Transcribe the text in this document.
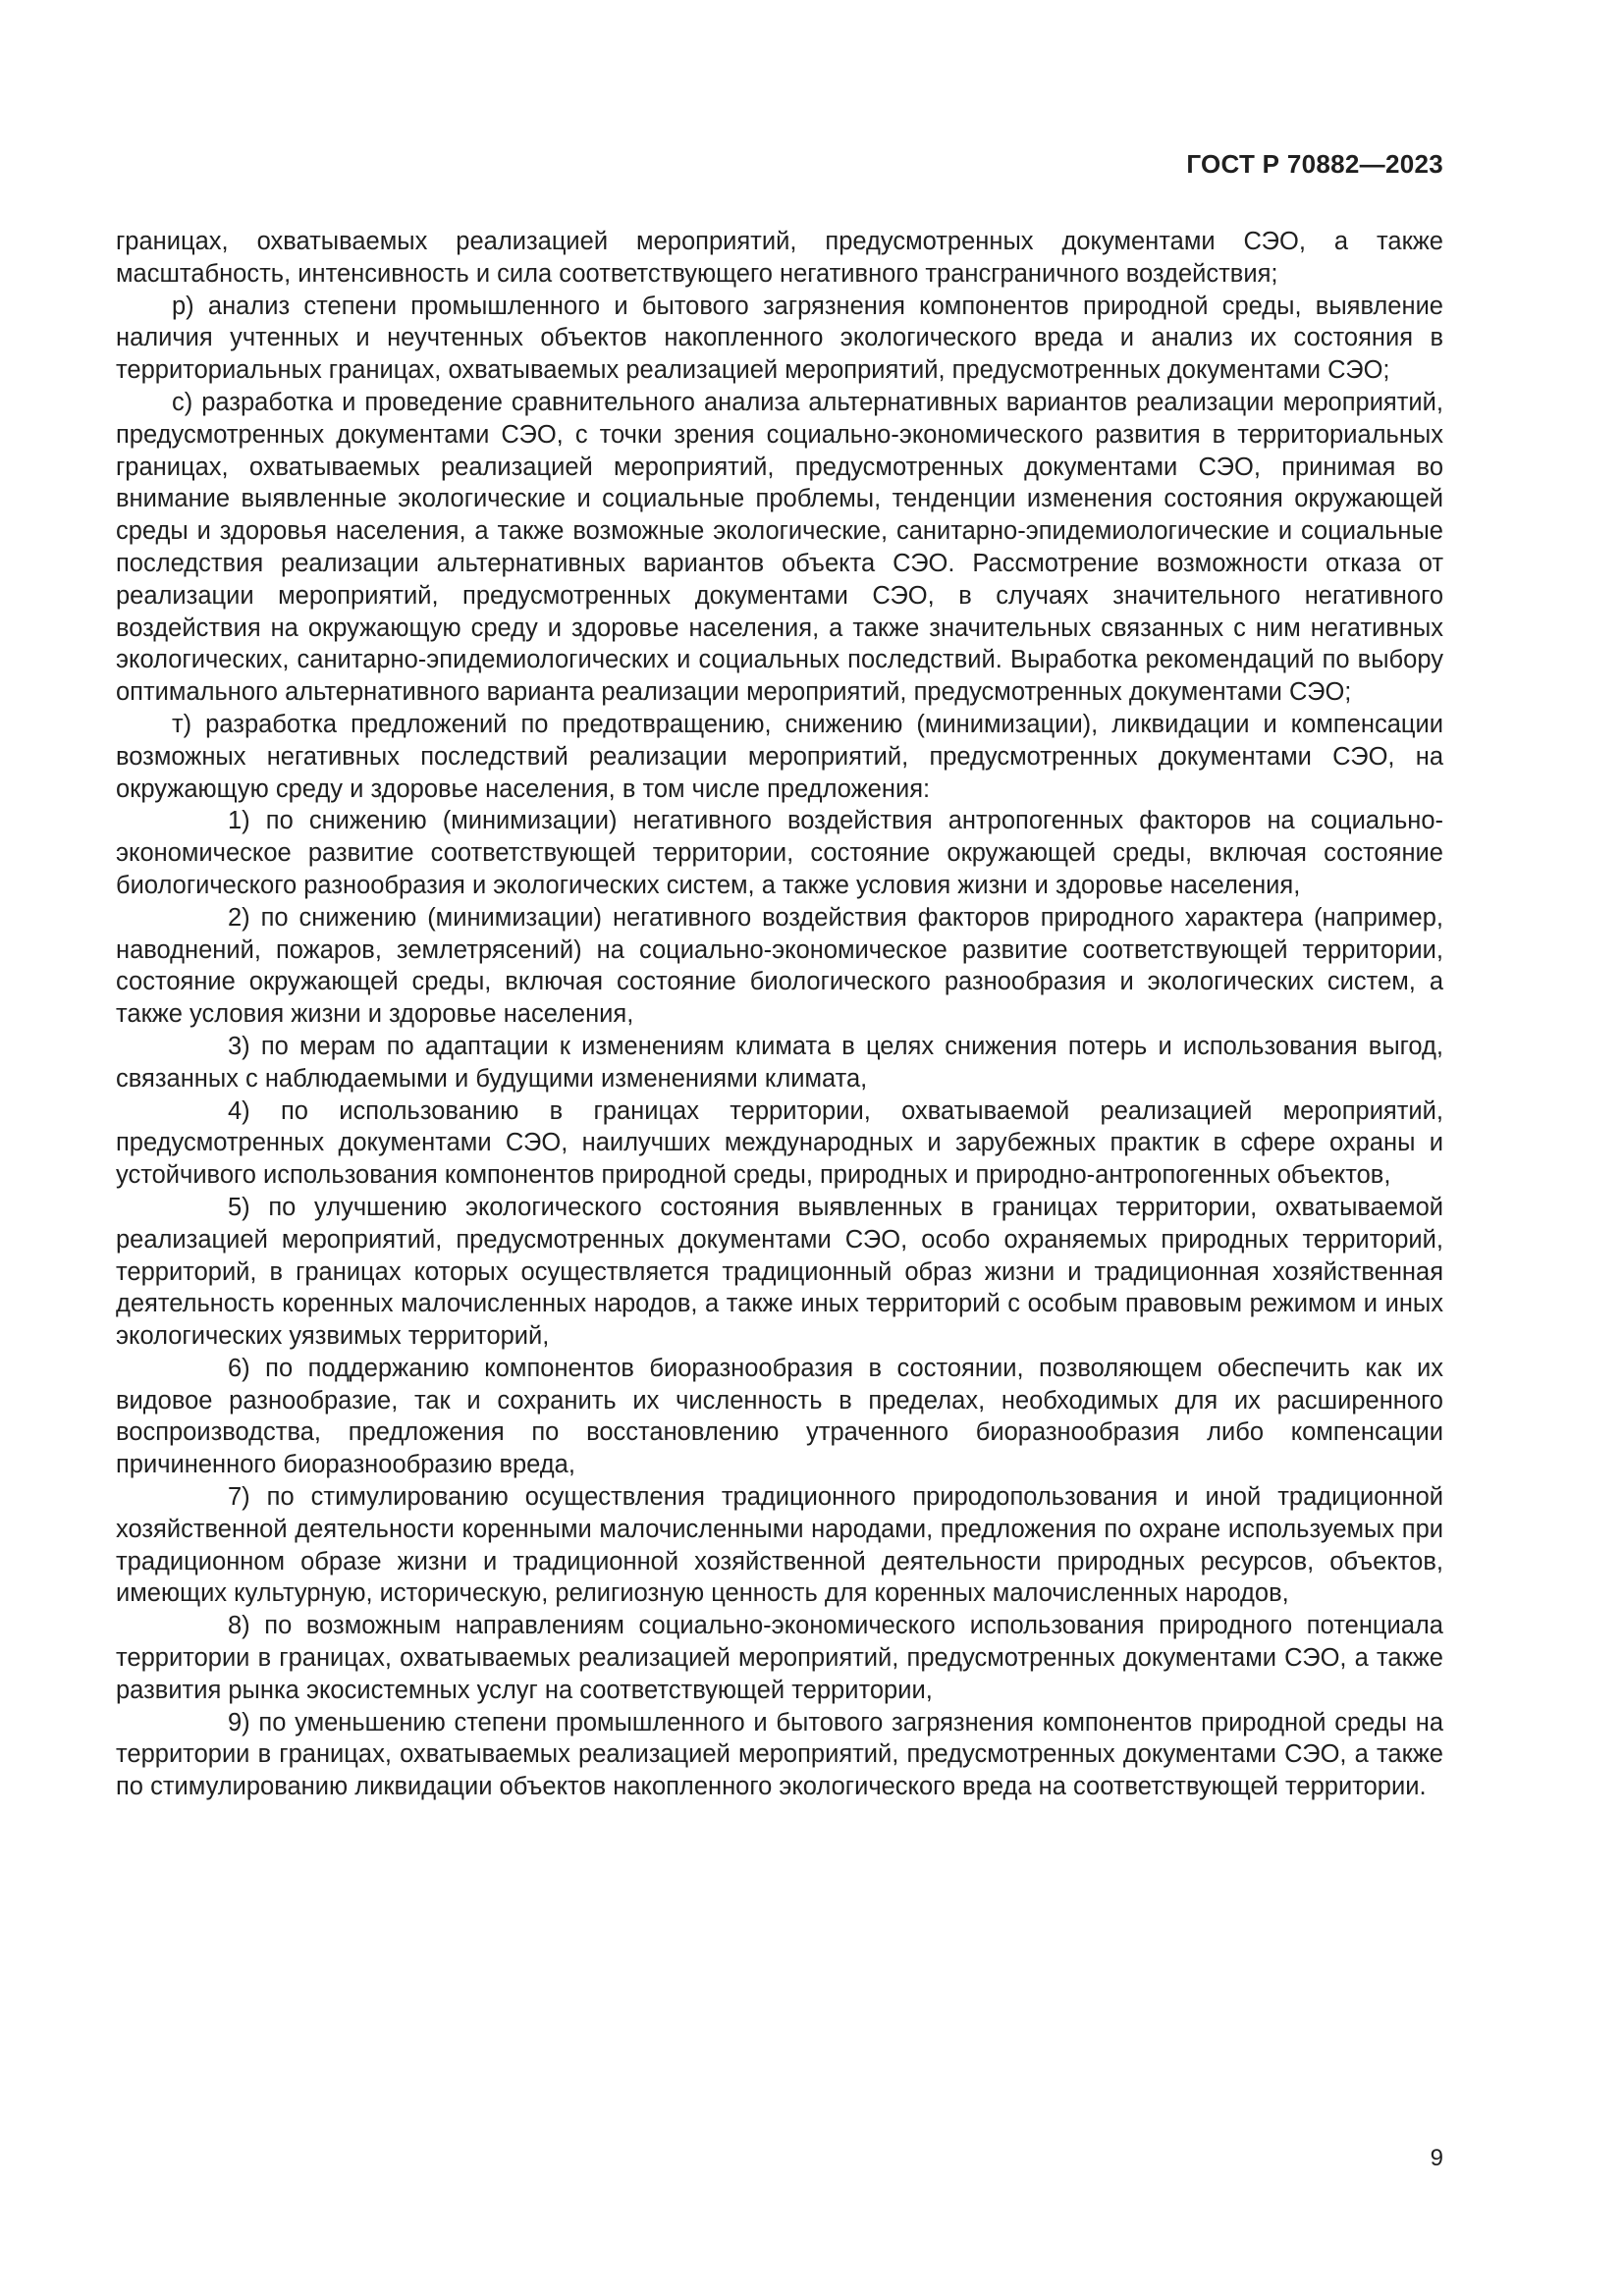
ГОСТ Р 70882—2023

границах, охватываемых реализацией мероприятий, предусмотренных документами СЭО, а также масштабность, интенсивность и сила соответствующего негативного трансграничного воздействия;

р) анализ степени промышленного и бытового загрязнения компонентов природной среды, выявление наличия учтенных и неучтенных объектов накопленного экологического вреда и анализ их состояния в территориальных границах, охватываемых реализацией мероприятий, предусмотренных документами СЭО;

с) разработка и проведение сравнительного анализа альтернативных вариантов реализации мероприятий, предусмотренных документами СЭО, с точки зрения социально-экономического развития в территориальных границах, охватываемых реализацией мероприятий, предусмотренных документами СЭО, принимая во внимание выявленные экологические и социальные проблемы, тенденции изменения состояния окружающей среды и здоровья населения, а также возможные экологические, санитарно-эпидемиологические и социальные последствия реализации альтернативных вариантов объекта СЭО. Рассмотрение возможности отказа от реализации мероприятий, предусмотренных документами СЭО, в случаях значительного негативного воздействия на окружающую среду и здоровье населения, а также значительных связанных с ним негативных экологических, санитарно-эпидемиологических и социальных последствий. Выработка рекомендаций по выбору оптимального альтернативного варианта реализации мероприятий, предусмотренных документами СЭО;

т) разработка предложений по предотвращению, снижению (минимизации), ликвидации и компенсации возможных негативных последствий реализации мероприятий, предусмотренных документами СЭО, на окружающую среду и здоровье населения, в том числе предложения:

1) по снижению (минимизации) негативного воздействия антропогенных факторов на социально-экономическое развитие соответствующей территории, состояние окружающей среды, включая состояние биологического разнообразия и экологических систем, а также условия жизни и здоровье населения,

2) по снижению (минимизации) негативного воздействия факторов природного характера (например, наводнений, пожаров, землетрясений) на социально-экономическое развитие соответствующей территории, состояние окружающей среды, включая состояние биологического разнообразия и экологических систем, а также условия жизни и здоровье населения,

3) по мерам по адаптации к изменениям климата в целях снижения потерь и использования выгод, связанных с наблюдаемыми и будущими изменениями климата,

4) по использованию в границах территории, охватываемой реализацией мероприятий, предусмотренных документами СЭО, наилучших международных и зарубежных практик в сфере охраны и устойчивого использования компонентов природной среды, природных и природно-антропогенных объектов,

5) по улучшению экологического состояния выявленных в границах территории, охватываемой реализацией мероприятий, предусмотренных документами СЭО, особо охраняемых природных территорий, территорий, в границах которых осуществляется традиционный образ жизни и традиционная хозяйственная деятельность коренных малочисленных народов, а также иных территорий с особым правовым режимом и иных экологических уязвимых территорий,

6) по поддержанию компонентов биоразнообразия в состоянии, позволяющем обеспечить как их видовое разнообразие, так и сохранить их численность в пределах, необходимых для их расширенного воспроизводства, предложения по восстановлению утраченного биоразнообразия либо компенсации причиненного биоразнообразию вреда,

7) по стимулированию осуществления традиционного природопользования и иной традиционной хозяйственной деятельности коренными малочисленными народами, предложения по охране используемых при традиционном образе жизни и традиционной хозяйственной деятельности природных ресурсов, объектов, имеющих культурную, историческую, религиозную ценность для коренных малочисленных народов,

8) по возможным направлениям социально-экономического использования природного потенциала территории в границах, охватываемых реализацией мероприятий, предусмотренных документами СЭО, а также развития рынка экосистемных услуг на соответствующей территории,

9) по уменьшению степени промышленного и бытового загрязнения компонентов природной среды на территории в границах, охватываемых реализацией мероприятий, предусмотренных документами СЭО, а также по стимулированию ликвидации объектов накопленного экологического вреда на соответствующей территории.

9
